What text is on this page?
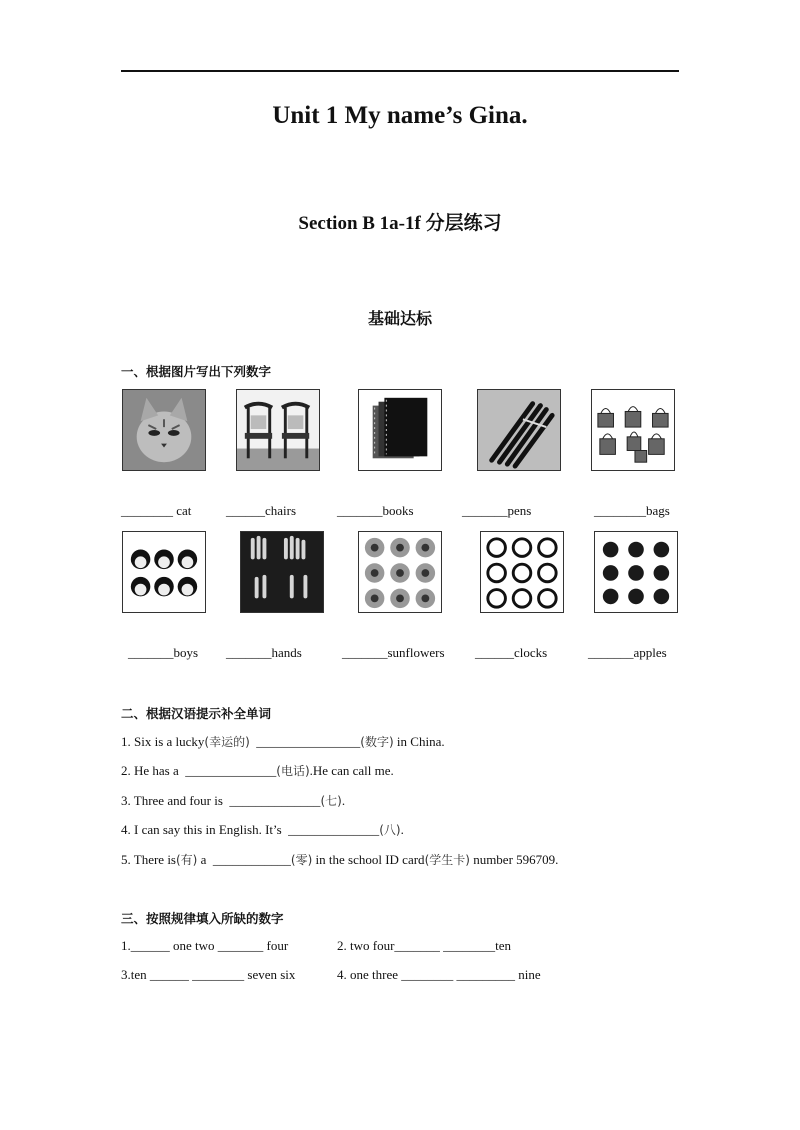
Unit 1 My name’s Gina.
Section B 1a-1f 分层练习
基础达标
一、根据图片写出下列数字
________ cat	______chairs	_______books	_______pens	________bags
_______boys _______hands	_______sunflowers ______clocks	_______apples
二、根据汉语提示补全单词
1. Six is a lucky(幸运的)  ________________(数字) in China.
2. He has a  ______________(电话).He can call me.
3. Three and four is  ______________(七).
4. I can say this in English. It’s  ______________(八).
5. There is(有) a  ____________(零) in the school ID card(学生卡) number 596709.
三、按照规律填入所缺的数字
1.______ one two _______ four	2. two four_______ ________ten
3.ten ______ ________ seven six	4. one three ________ _________ nine
